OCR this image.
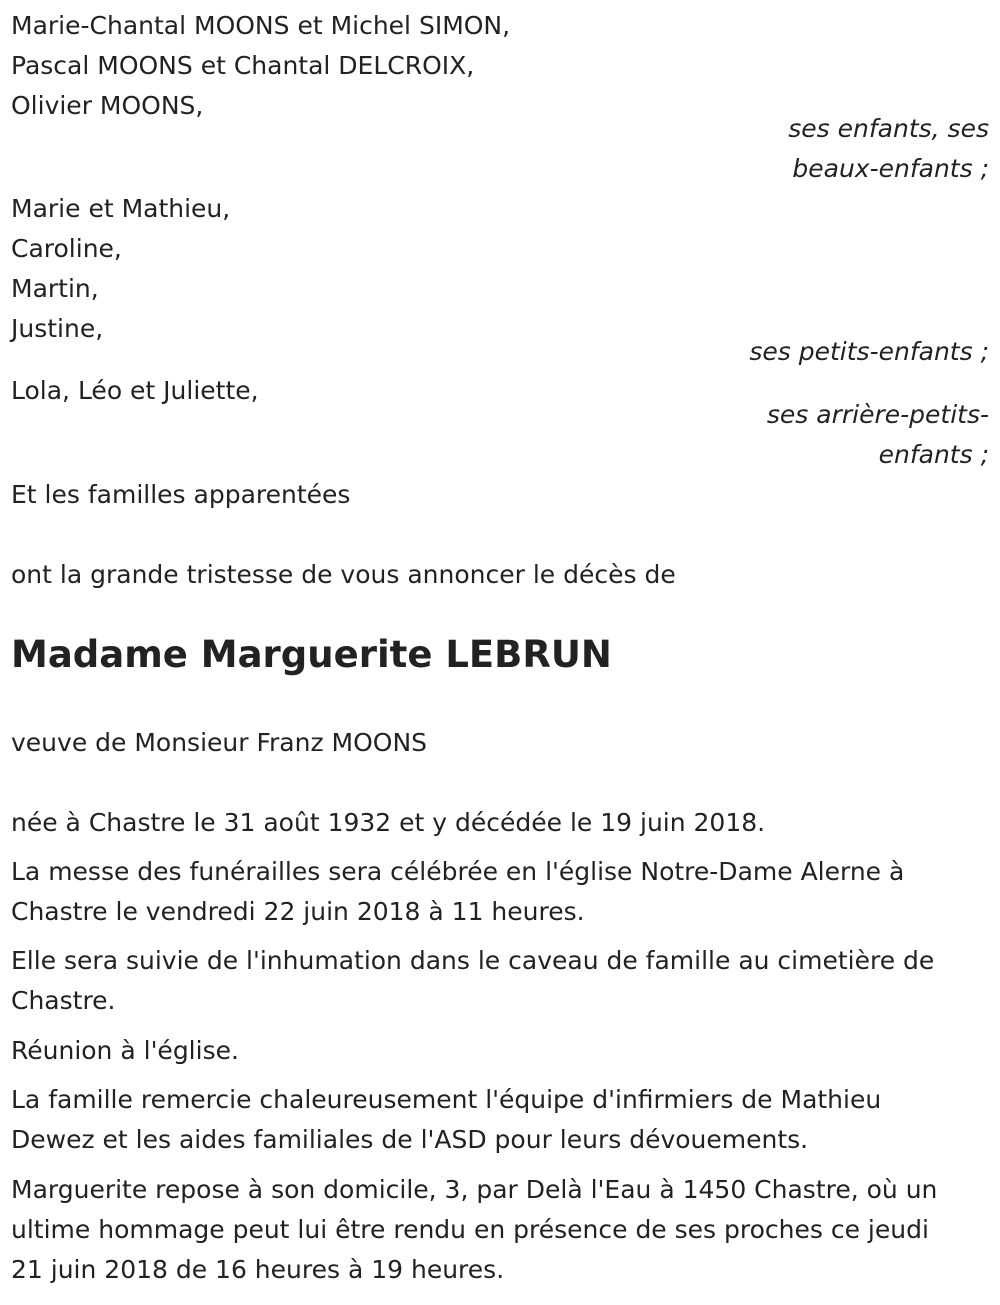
Marie-Chantal MOONS et Michel SIMON,
Pascal MOONS et Chantal DELCROIX,
Olivier MOONS,
ses enfants, ses
beaux-enfants ;
Marie et Mathieu,
Caroline,
Martin,
Justine,
ses petits-enfants ;
Lola, Léo et Juliette,
ses arrière-petits-
enfants ;
Et les familles apparentées
ont la grande tristesse de vous annoncer le décès de
Madame Marguerite LEBRUN
veuve de Monsieur Franz MOONS
née à Chastre le 31 août 1932 et y décédée le 19 juin 2018.
La messe des funérailles sera célébrée en l'église Notre-Dame Alerne à
Chastre le vendredi 22 juin 2018 à 11 heures.
Elle sera suivie de l'inhumation dans le caveau de famille au cimetière de
Chastre.
Réunion à l'église.
La famille remercie chaleureusement l'équipe d'infirmiers de Mathieu
Dewez et les aides familiales de l'ASD pour leurs dévouements.
Marguerite repose à son domicile, 3, par Delà l'Eau à 1450 Chastre, où un
ultime hommage peut lui être rendu en présence de ses proches ce jeudi
21 juin 2018 de 16 heures à 19 heures.
